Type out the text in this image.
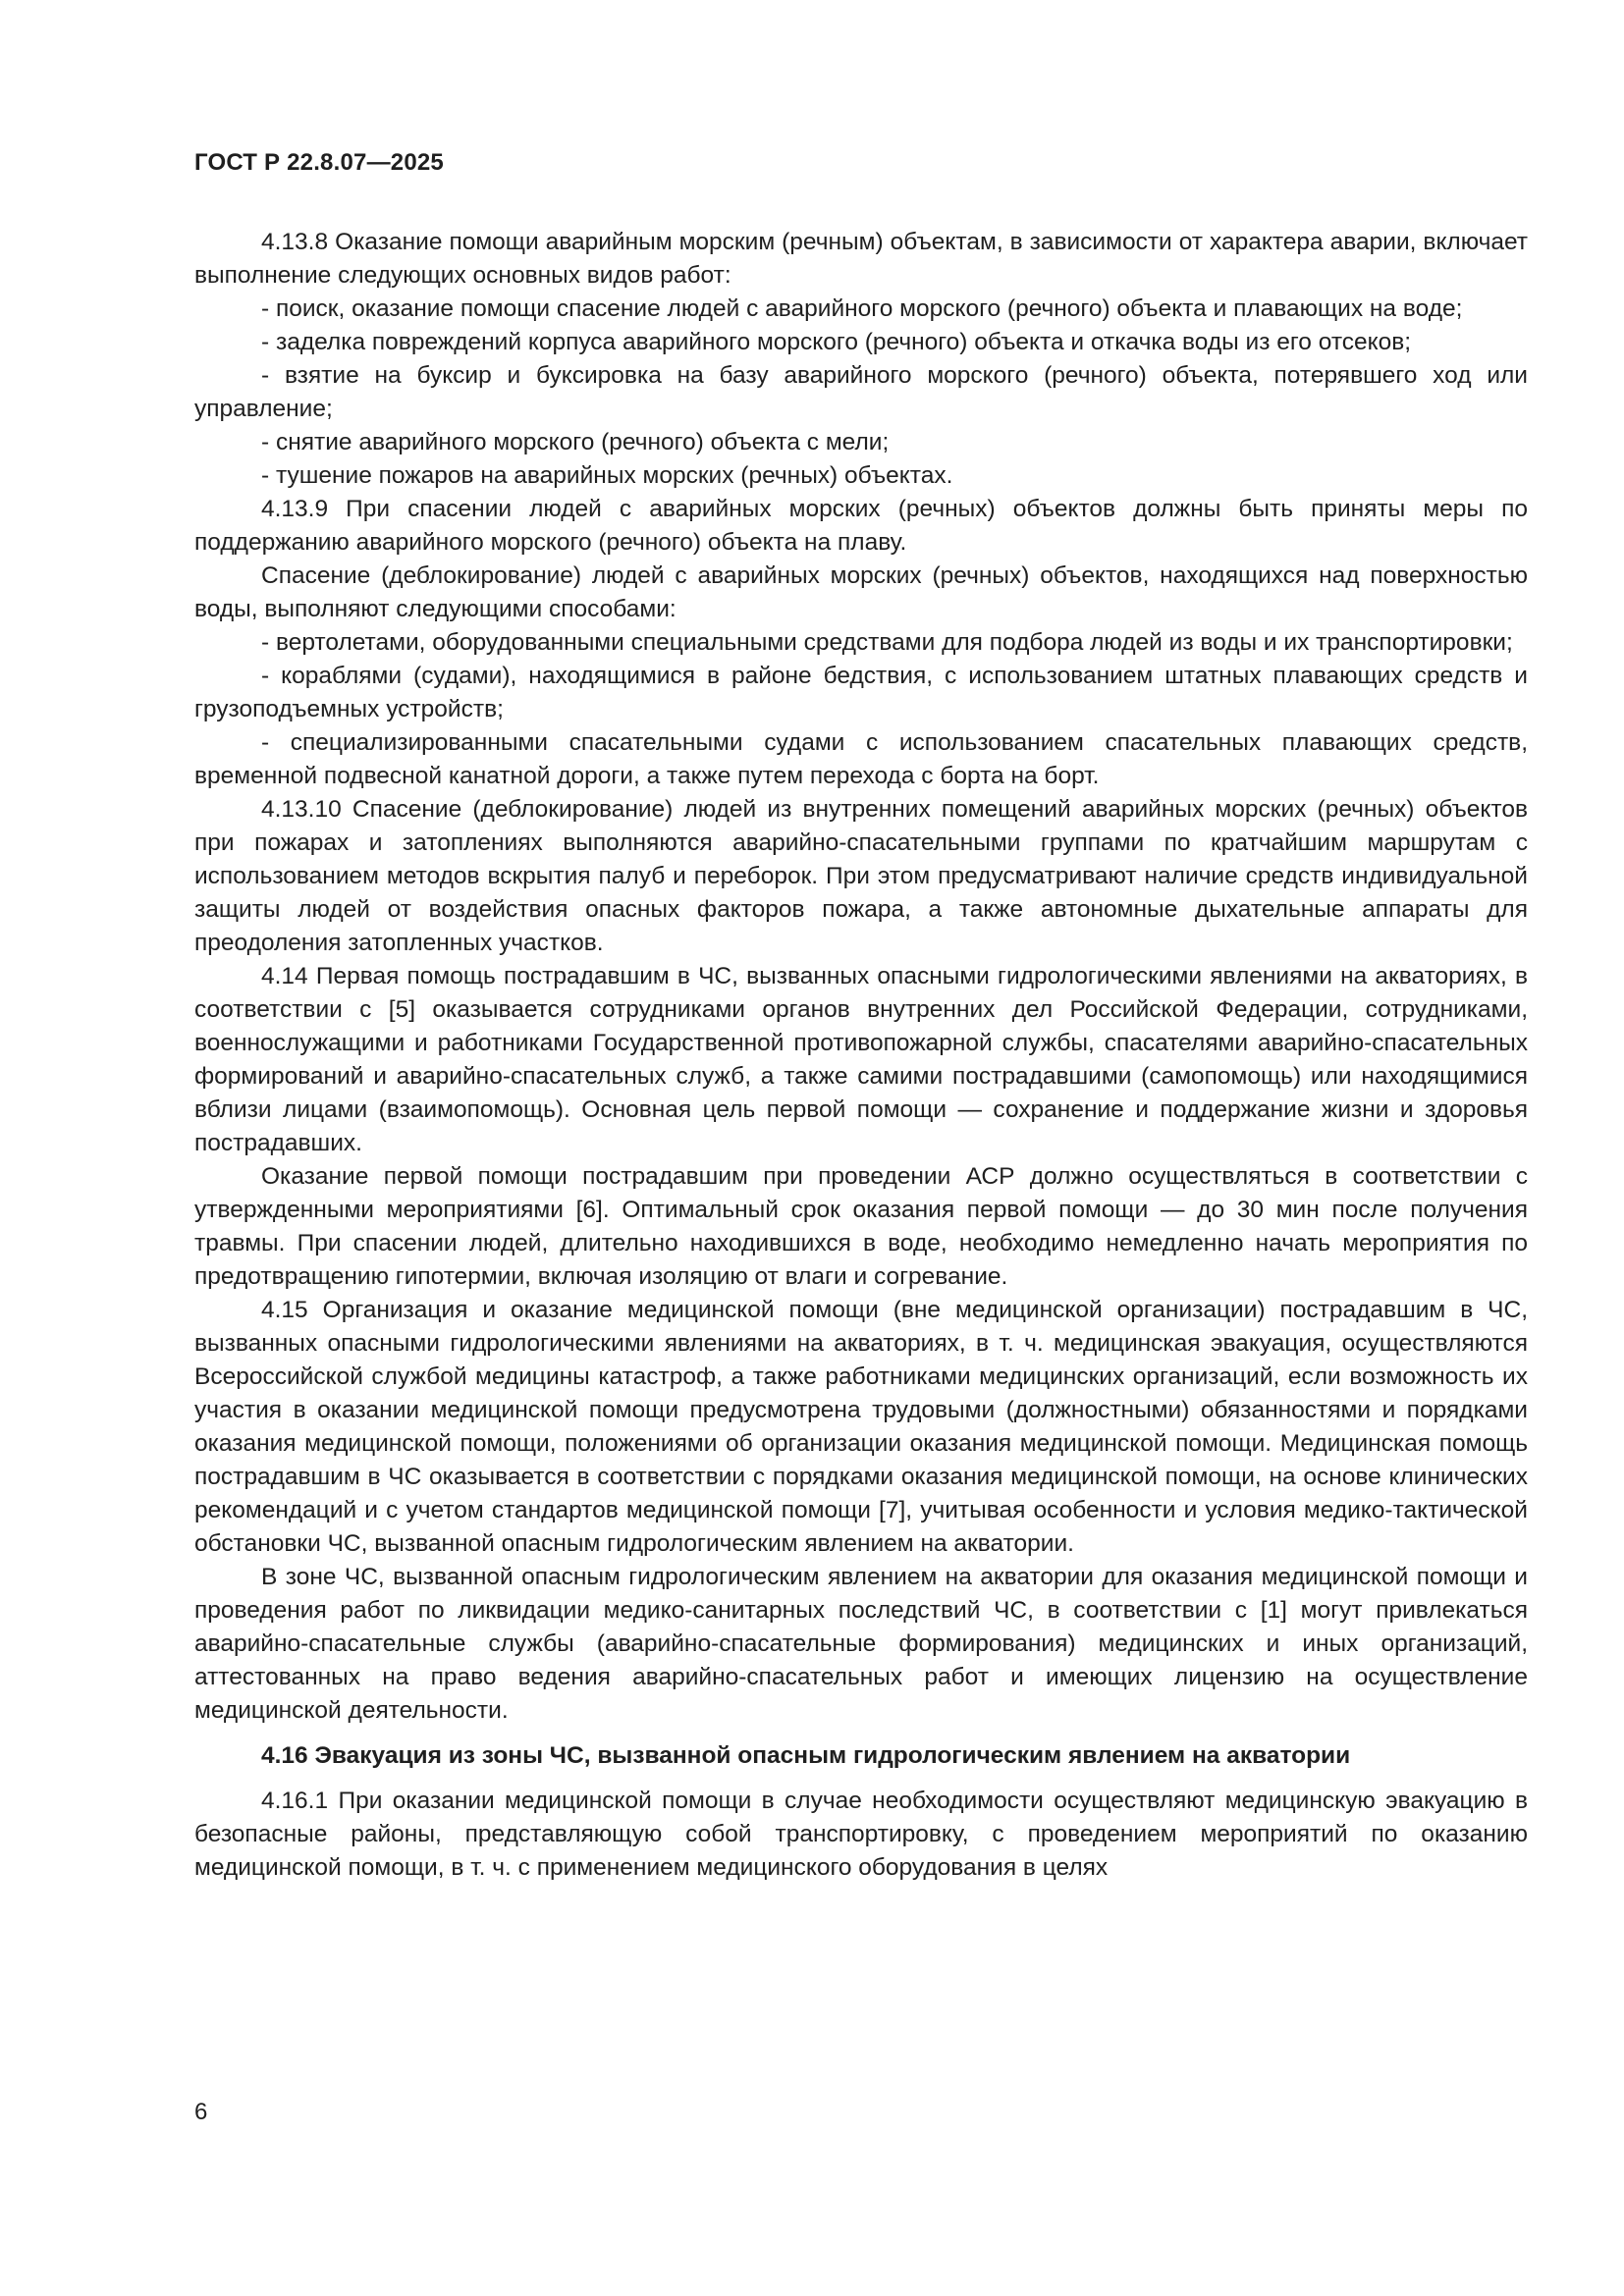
ГОСТ Р 22.8.07—2025

4.13.8 Оказание помощи аварийным морским (речным) объектам, в зависимости от характера аварии, включает выполнение следующих основных видов работ:

- поиск, оказание помощи спасение людей с аварийного морского (речного) объекта и плавающих на воде;

- заделка повреждений корпуса аварийного морского (речного) объекта и откачка воды из его отсеков;

- взятие на буксир и буксировка на базу аварийного морского (речного) объекта, потерявшего ход или управление;

- снятие аварийного морского (речного) объекта с мели;

- тушение пожаров на аварийных морских (речных) объектах.

4.13.9 При спасении людей с аварийных морских (речных) объектов должны быть приняты меры по поддержанию аварийного морского (речного) объекта на плаву.

Спасение (деблокирование) людей с аварийных морских (речных) объектов, находящихся над поверхностью воды, выполняют следующими способами:

- вертолетами, оборудованными специальными средствами для подбора людей из воды и их транспортировки;

- кораблями (судами), находящимися в районе бедствия, с использованием штатных плавающих средств и грузоподъемных устройств;

- специализированными спасательными судами с использованием спасательных плавающих средств, временной подвесной канатной дороги, а также путем перехода с борта на борт.

4.13.10 Спасение (деблокирование) людей из внутренних помещений аварийных морских (речных) объектов при пожарах и затоплениях выполняются аварийно-спасательными группами по кратчайшим маршрутам с использованием методов вскрытия палуб и переборок. При этом предусматривают наличие средств индивидуальной защиты людей от воздействия опасных факторов пожара, а также автономные дыхательные аппараты для преодоления затопленных участков.

4.14 Первая помощь пострадавшим в ЧС, вызванных опасными гидрологическими явлениями на акваториях, в соответствии с [5] оказывается сотрудниками органов внутренних дел Российской Федерации, сотрудниками, военнослужащими и работниками Государственной противопожарной службы, спасателями аварийно-спасательных формирований и аварийно-спасательных служб, а также самими пострадавшими (самопомощь) или находящимися вблизи лицами (взаимопомощь). Основная цель первой помощи — сохранение и поддержание жизни и здоровья пострадавших.

Оказание первой помощи пострадавшим при проведении АСР должно осуществляться в соответствии с утвержденными мероприятиями [6]. Оптимальный срок оказания первой помощи — до 30 мин после получения травмы. При спасении людей, длительно находившихся в воде, необходимо немедленно начать мероприятия по предотвращению гипотермии, включая изоляцию от влаги и согревание.

4.15 Организация и оказание медицинской помощи (вне медицинской организации) пострадавшим в ЧС, вызванных опасными гидрологическими явлениями на акваториях, в т. ч. медицинская эвакуация, осуществляются Всероссийской службой медицины катастроф, а также работниками медицинских организаций, если возможность их участия в оказании медицинской помощи предусмотрена трудовыми (должностными) обязанностями и порядками оказания медицинской помощи, положениями об организации оказания медицинской помощи. Медицинская помощь пострадавшим в ЧС оказывается в соответствии с порядками оказания медицинской помощи, на основе клинических рекомендаций и с учетом стандартов медицинской помощи [7], учитывая особенности и условия медико-тактической обстановки ЧС, вызванной опасным гидрологическим явлением на акватории.

В зоне ЧС, вызванной опасным гидрологическим явлением на акватории для оказания медицинской помощи и проведения работ по ликвидации медико-санитарных последствий ЧС, в соответствии с [1] могут привлекаться аварийно-спасательные службы (аварийно-спасательные формирования) медицинских и иных организаций, аттестованных на право ведения аварийно-спасательных работ и имеющих лицензию на осуществление медицинской деятельности.

4.16 Эвакуация из зоны ЧС, вызванной опасным гидрологическим явлением на акватории

4.16.1 При оказании медицинской помощи в случае необходимости осуществляют медицинскую эвакуацию в безопасные районы, представляющую собой транспортировку, с проведением мероприятий по оказанию медицинской помощи, в т. ч. с применением медицинского оборудования в целях

6
